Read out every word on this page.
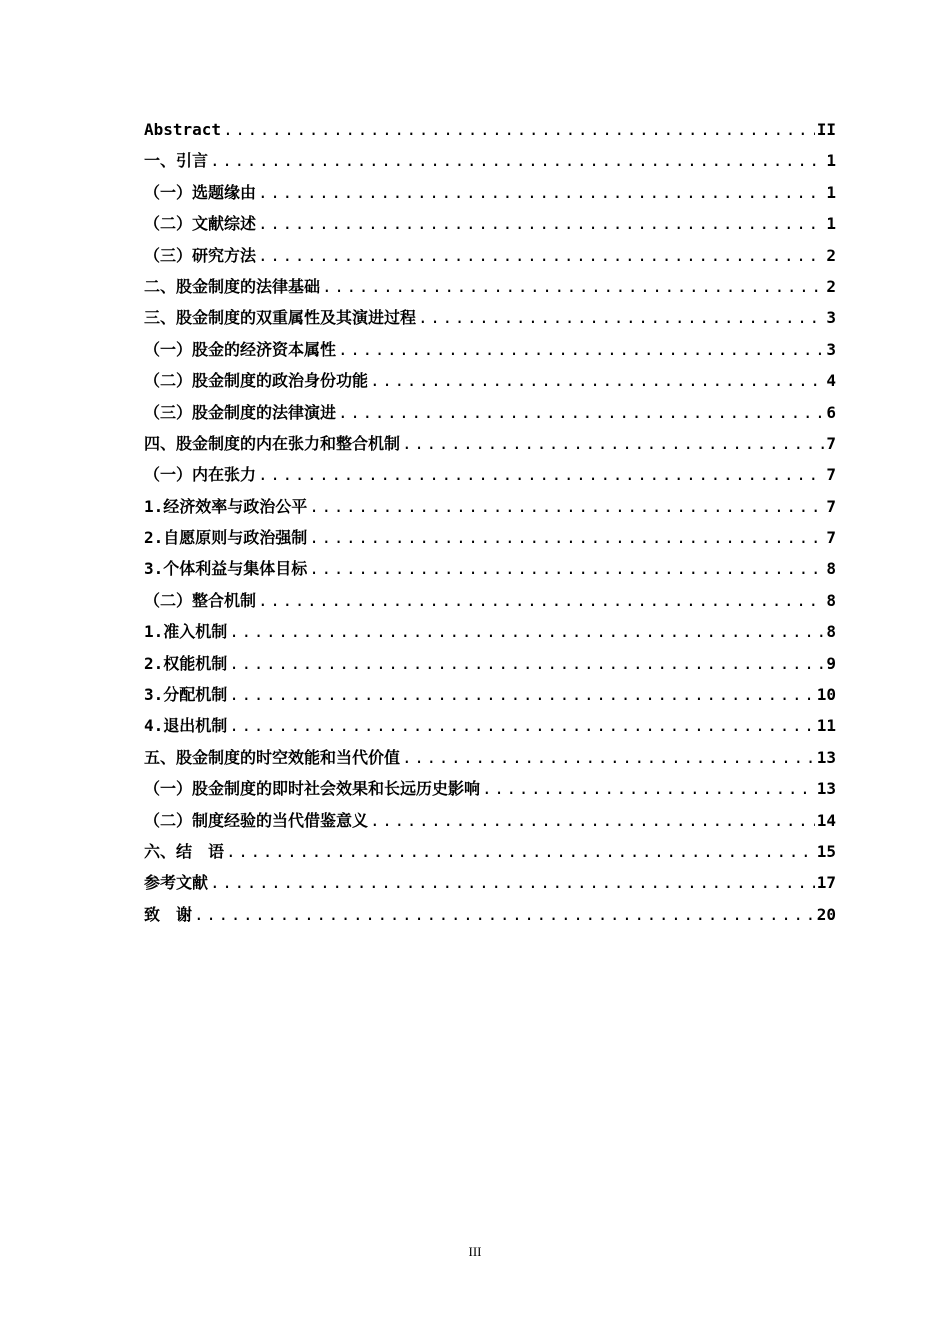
Abstract .....	II
一、引言 .....	1
（一）选题缘由 .....	1
（二）文献综述 .....	1
（三）研究方法 .....	2
二、股金制度的法律基础 .....	2
三、股金制度的双重属性及其演进过程 .....	3
（一）股金的经济资本属性 .....	3
（二）股金制度的政治身份功能 .....	4
（三）股金制度的法律演进 .....	6
四、股金制度的内在张力和整合机制 .....	7
（一）内在张力 .....	7
1.经济效率与政治公平 .....	7
2.自愿原则与政治强制 .....	7
3.个体利益与集体目标 .....	8
（二）整合机制 .....	8
1.准入机制 .....	8
2.权能机制 .....	9
3.分配机制 .....	10
4.退出机制 .....	11
五、股金制度的时空效能和当代价值 .....	13
（一）股金制度的即时社会效果和长远历史影响 .....	13
（二）制度经验的当代借鉴意义 .....	14
六、结　语 .....	15
参考文献 .....	17
致　谢 .....	20
III
